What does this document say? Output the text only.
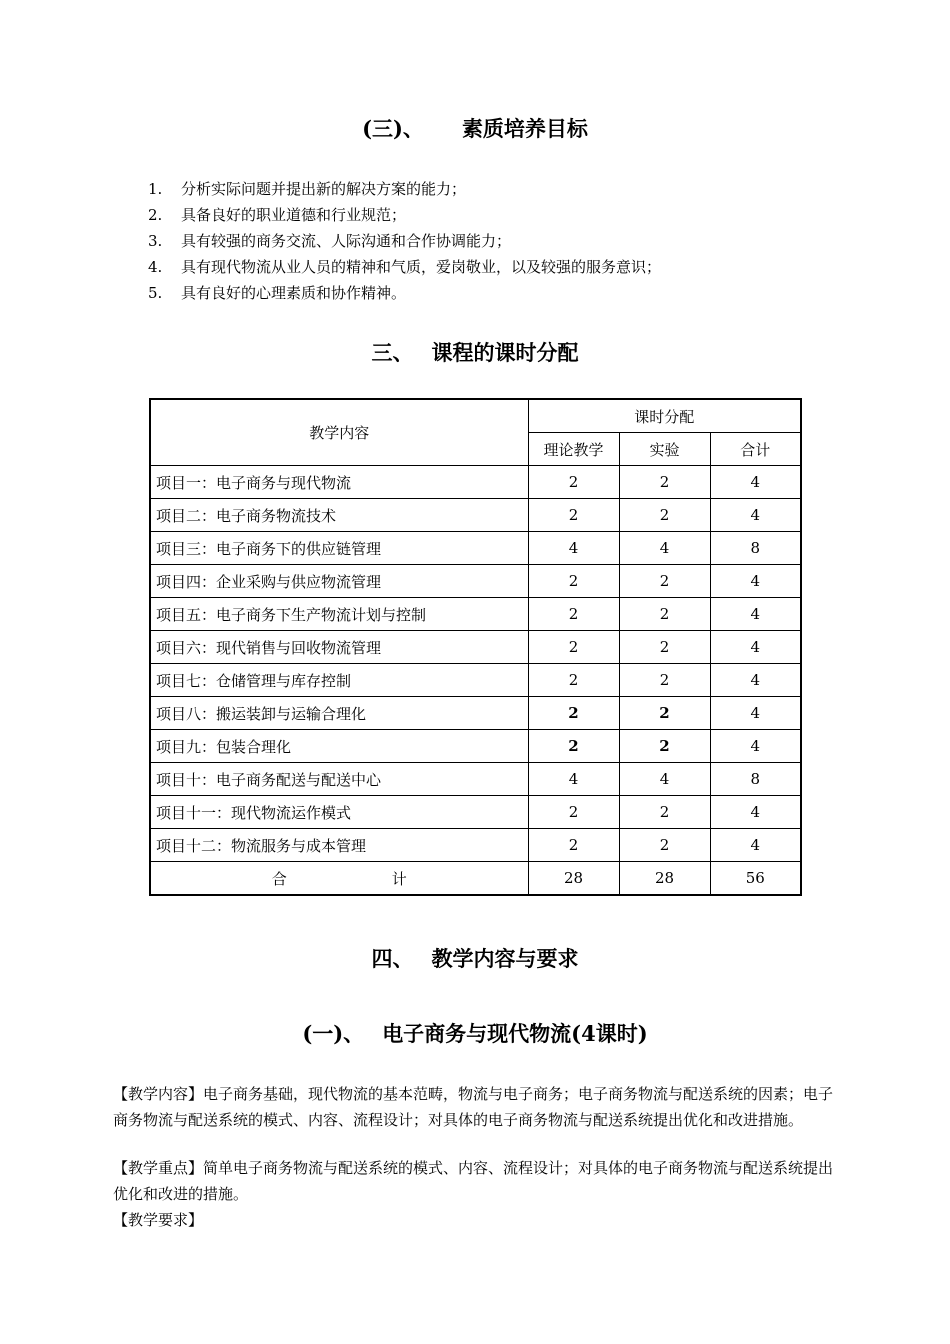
(三)、 素质培养目标
1. 分析实际问题并提出新的解决方案的能力；
2. 具备良好的职业道德和行业规范；
3. 具有较强的商务交流、人际沟通和合作协调能力；
4. 具有现代物流从业人员的精神和气质，爱岗敬业，以及较强的服务意识；
5. 具有良好的心理素质和协作精神。
三、 课程的课时分配
教学内容	课时分配		
	理论教学	实验	合计
项目一：电子商务与现代物流	2	2	4
项目二：电子商务物流技术	2	2	4
项目三：电子商务下的供应链管理	4	4	8
项目四：企业采购与供应物流管理	2	2	4
项目五：电子商务下生产物流计划与控制	2	2	4
项目六：现代销售与回收物流管理	2	2	4
项目七：仓储管理与库存控制	2	2	4
项目八：搬运装卸与运输合理化	2	2	4
项目九：包装合理化	2	2	4
项目十：电子商务配送与配送中心	4	4	8
项目十一：现代物流运作模式	2	2	4
项目十二：物流服务与成本管理	2	2	4
合 计	28	28	56
四、 教学内容与要求
(一)、 电子商务与现代物流(4课时)

【教学内容】电子商务基础，现代物流的基本范畴，物流与电子商务；电子商务物流与配送系统的因素；电子商务物流与配送系统的模式、内容、流程设计；对具体的电子商务物流与配送系统提出优化和改进措施。

【教学重点】简单电子商务物流与配送系统的模式、内容、流程设计；对具体的电子商务物流与配送系统提出优化和改进的措施。

【教学要求】
